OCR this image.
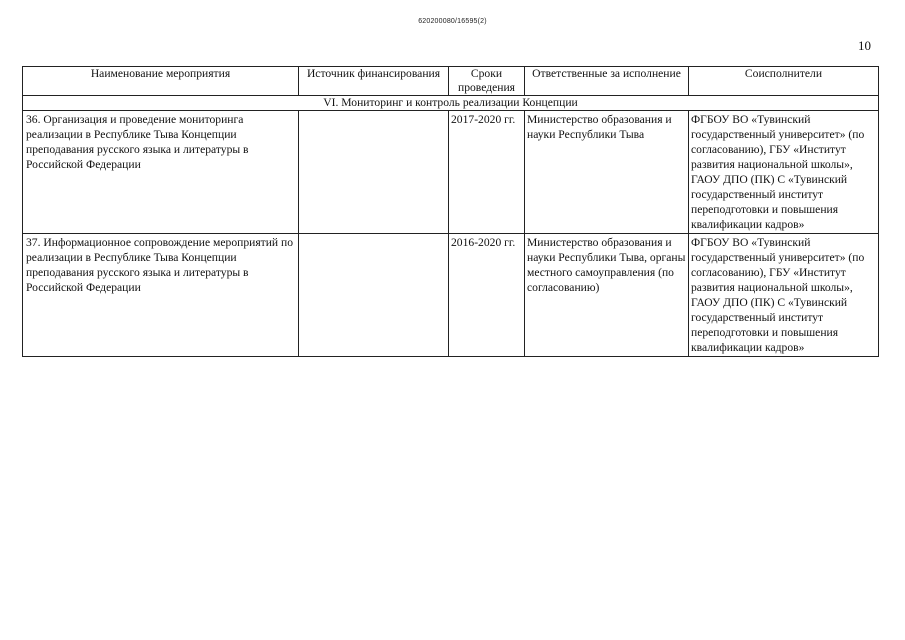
620200080/16595(2)
10
Наименование мероприятия	Источник финансирования	Сроки проведения	Ответственные за исполнение	Соисполнители
VI. Мониторинг и контроль реализации Концепции				
36. Организация и проведение мониторинга реализации в Республике Тыва Концепции преподавания русского языка и литературы в Российской Федерации		2017-2020 гг.	Министерство образования и науки Республики Тыва	ФГБОУ ВО «Тувинский государственный университет» (по согласованию), ГБУ «Институт развития национальной школы», ГАОУ ДПО (ПК) С «Тувинский государственный институт переподготовки и повышения квалификации кадров»
37. Информационное сопровождение мероприятий по реализации в Республике Тыва Концепции преподавания русского языка и литературы в Российской Федерации		2016-2020 гг.	Министерство образования и науки Республики Тыва, органы местного самоуправления (по согласованию)	ФГБОУ ВО «Тувинский государственный университет» (по согласованию), ГБУ «Институт развития национальной школы», ГАОУ ДПО (ПК) С «Тувинский государственный институт переподготовки и повышения квалификации кадров»
